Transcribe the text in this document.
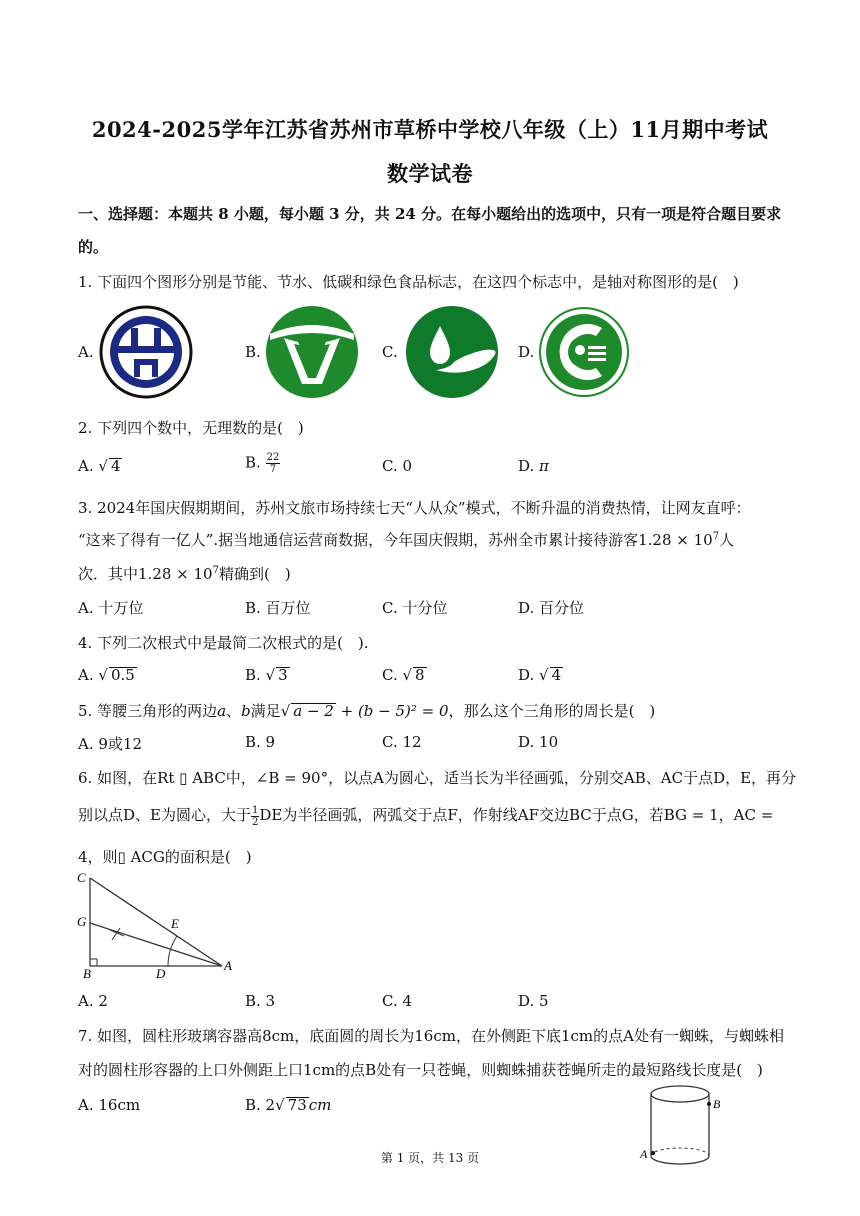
2024-2025学年江苏省苏州市草桥中学校八年级（上）11月期中考试
数学试卷
一、选择题：本题共 8 小题，每小题 3 分，共 24 分。在每小题给出的选项中，只有一项是符合题目要求
的。
1. 下面四个图形分别是节能、节水、低碳和绿色食品标志，在这四个标志中，是轴对称图形的是(　)
A.	B.	C.	D.
2. 下列四个数中，无理数的是(　)
A. √ 4	B. $\frac{22}{7}$	C. 0	D. π
3. 2024年国庆假期期间，苏州文旅市场持续七天“人从众”模式，不断升温的消费热情，让网友直呼：
“这来了得有一亿人”.据当地通信运营商数据，今年国庆假期，苏州全市累计接待游客$1.28 \times 10^7$人
次．其中$1.28 \times 10^7$精确到(　)
A. 十万位	B. 百万位	C. 十分位	D. 百分位
4. 下列二次根式中是最简二次根式的是(　).
A. √ 0.5	B. √ 3	C. √ 8	D. √ 4
5. 等腰三角形的两边a、b满足√ a − 2 + (b − 5)² = 0，那么这个三角形的周长是(　)
A. 9或12	B. 9	C. 12	D. 10
6. 如图，在Rt ▯ ABC中，∠B = 90°，以点A为圆心，适当长为半径画弧，分别交AB、AC于点D，E，再分
别以点D、E为圆心，大于 $\frac{1}{2}$ DE为半径画弧，两弧交于点F，作射线AF交边BC于点G，若BG = 1，AC =
4，则▯ ACG的面积是(　)
C
G	E
B	D
A
A. 2	B. 3	C. 4	D. 5
7. 如图，圆柱形玻璃容器高8cm，底面圆的周长为16cm，在外侧距下底1cm的点A处有一蜘蛛，与蜘蛛相
对的圆柱形容器的上口外侧距上口1cm的点B处有一只苍蝇，则蜘蛛捕获苍蝇所走的最短路线长度是(　)
A. 16cm	B. 2√ 73 cm	B
A
第 1 页，共 13 页
